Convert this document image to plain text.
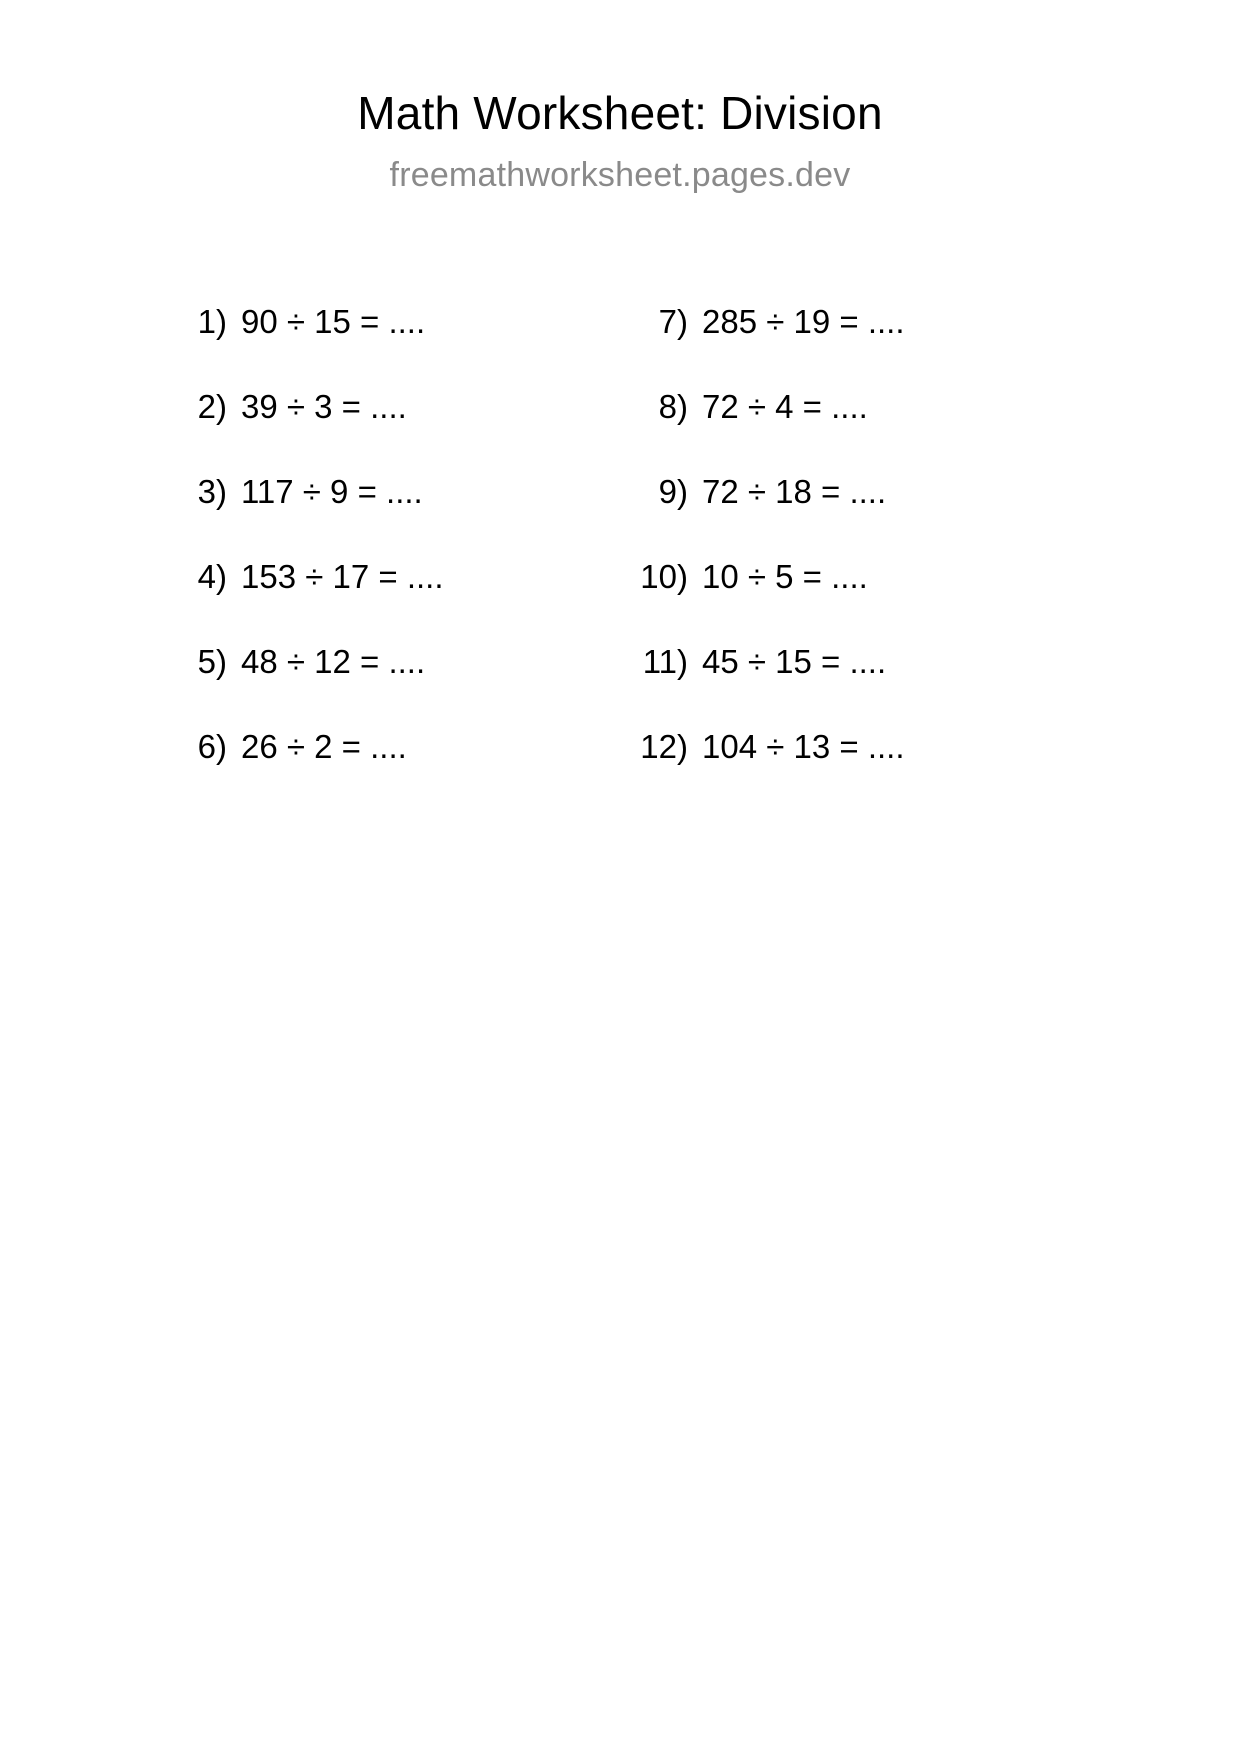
Math Worksheet: Division
freemathworksheet.pages.dev
1) 90 ÷ 15 = ....
2) 39 ÷ 3 = ....
3) 117 ÷ 9 = ....
4) 153 ÷ 17 = ....
5) 48 ÷ 12 = ....
6) 26 ÷ 2 = ....
7) 285 ÷ 19 = ....
8) 72 ÷ 4 = ....
9) 72 ÷ 18 = ....
10) 10 ÷ 5 = ....
11) 45 ÷ 15 = ....
12) 104 ÷ 13 = ....
